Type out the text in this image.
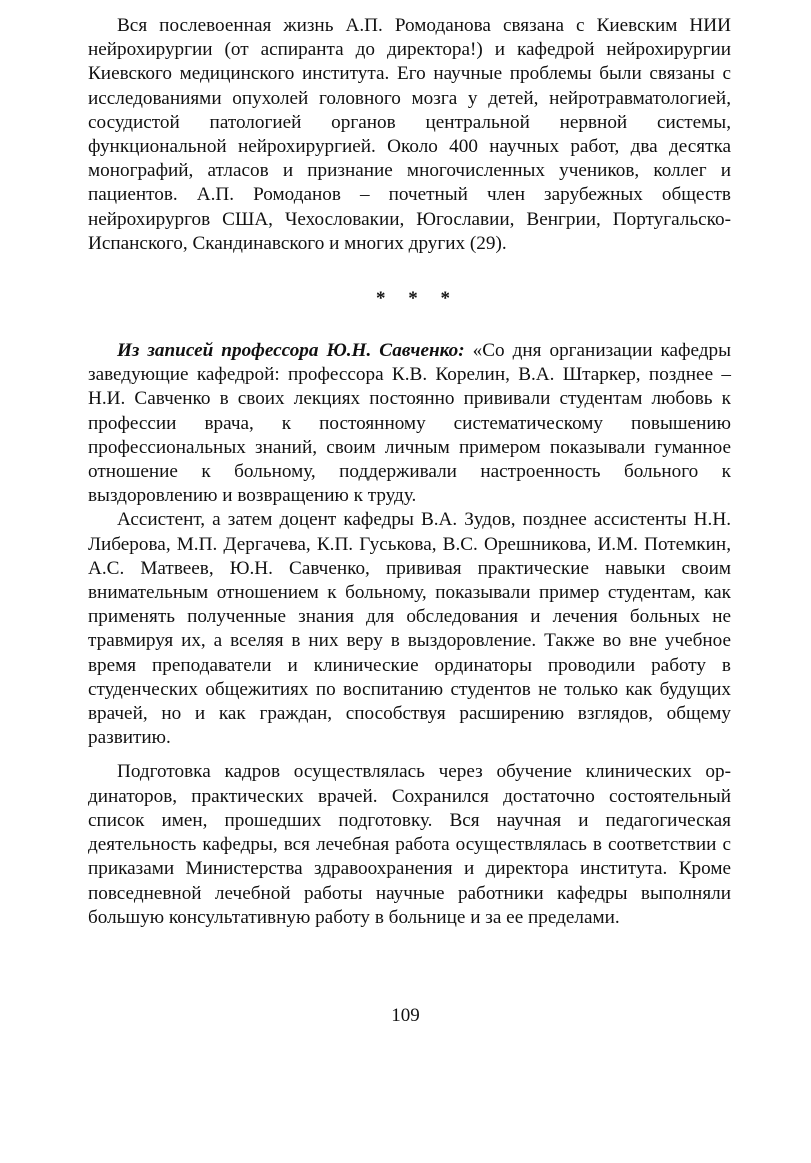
Вся послевоенная жизнь А.П. Ромоданова связана с Киевским НИИ нейрохирургии (от аспиранта до директора!) и кафедрой нейрохирургии Киевского медицинского института. Его научные проблемы были связаны с исследованиями опухолей головного мозга у детей, нейротравматологией, сосудистой патологией органов центральной нервной системы, функциональной нейрохирургией. Около 400 научных работ, два десятка монографий, атласов и признание многочисленных учеников, коллег и пациентов. А.П. Ромоданов – почетный член зарубежных обществ нейрохирургов США, Чехословакии, Югославии, Венгрии, Португальско-Испанского, Скандинавского и многих других (29).

* * *

Из записей профессора Ю.Н. Савченко: «Со дня организации кафедры заведующие кафедрой: профессора К.В. Корелин, В.А. Штаркер, позднее – Н.И. Савченко в своих лекциях постоянно прививали студентам любовь к профессии врача, к постоянному систематическому повышению профессиональных знаний, своим личным примером показывали гуманное отношение к больному, поддерживали настроенность больного к выздоровлению и возвращению к труду.

Ассистент, а затем доцент кафедры В.А. Зудов, позднее ассистенты Н.Н. Либерова, М.П. Дергачева, К.П. Гуськова, В.С. Орешникова, И.М. Потемкин, А.С. Матвеев, Ю.Н. Савченко, прививая практические навыки своим внимательным отношением к больному, показывали пример студентам, как применять полученные знания для обследования и лечения больных не травмируя их, а вселяя в них веру в выздоровление. Также во вне учебное время преподаватели и клинические ординаторы проводили работу в студенческих общежитиях по воспитанию студентов не только как будущих врачей, но и как граждан, способствуя расширению взглядов, общему развитию.

Подготовка кадров осуществлялась через обучение клинических ординаторов, практических врачей. Сохранился достаточно состоятельный список имен, прошедших подготовку. Вся научная и педагогическая деятельность кафедры, вся лечебная работа осуществлялась в соответствии с приказами Министерства здравоохранения и директора института. Кроме повседневной лечебной работы научные работники кафедры выполняли большую консультативную работу в больнице и за ее пределами.

109
